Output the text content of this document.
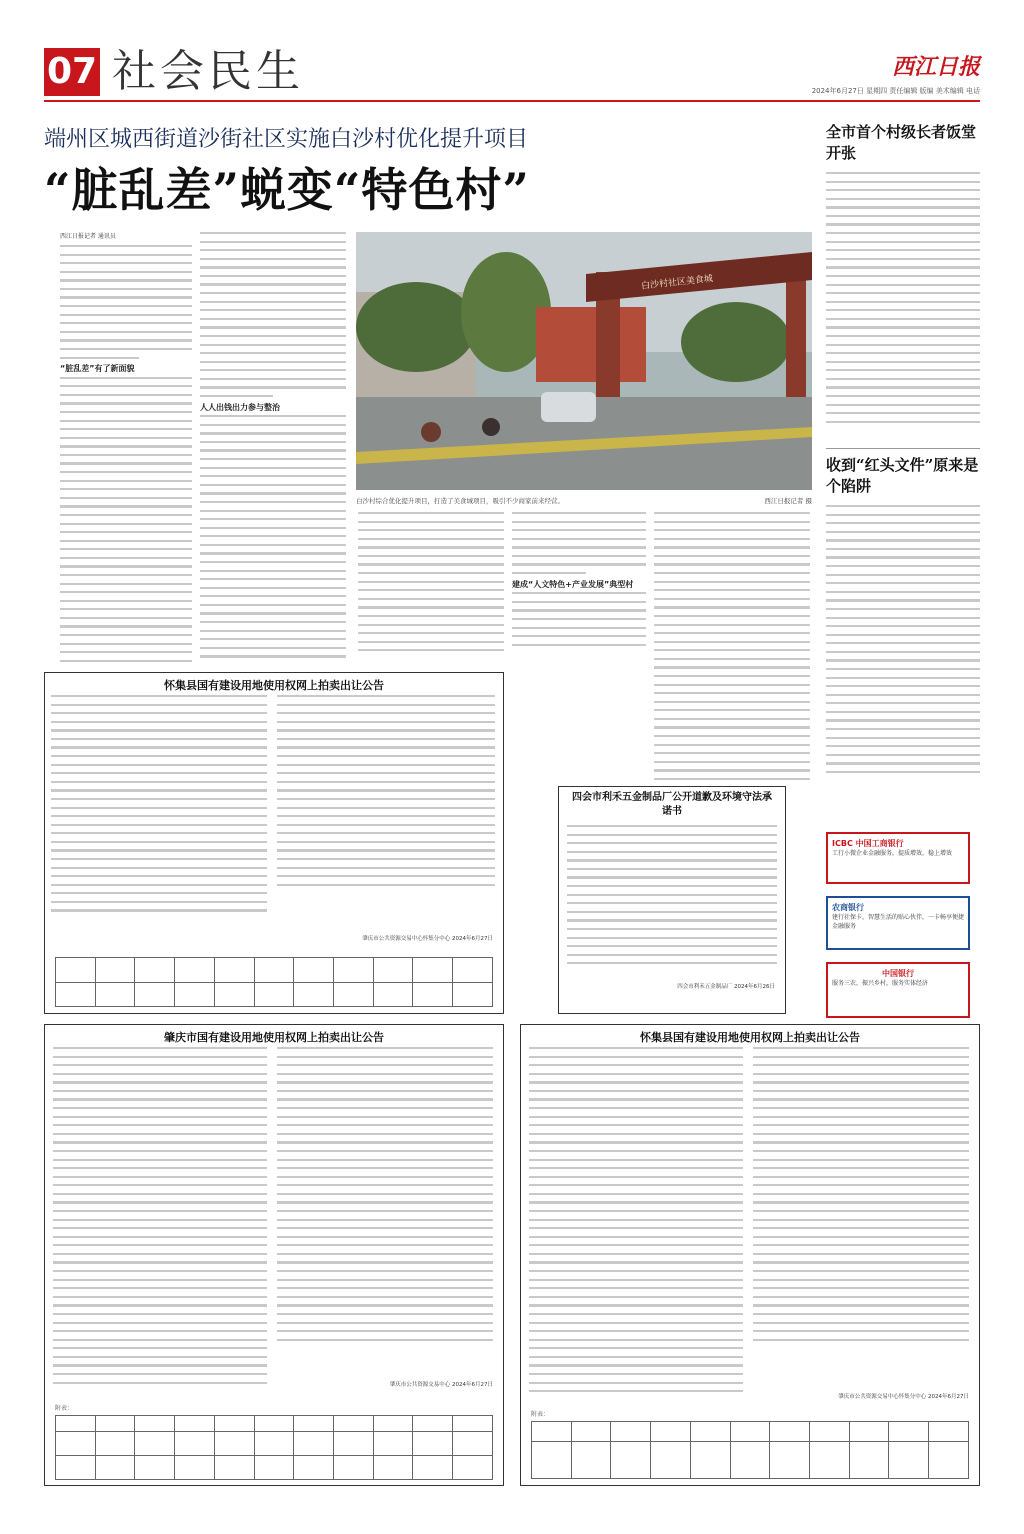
07 社会民生	西江日报
2024年6月27日 星期四 责任编辑 版编 美术编辑 电话
端州区城西街道沙街社区实施白沙村优化提升项目
“脏乱差”蜕变“特色村”
白沙村社区美食城
白沙村综合优化提升项目，打造了美食城项目，吸引不少商家前来经营。	西江日报记者 摄
西江日报记者 通讯员
“脏乱差”有了新面貌
人人出钱出力参与整治
建成“人文特色+产业发展”典型村
全市首个村级长者饭堂开张
收到“红头文件”原来是个陷阱
ICBC 中国工商银行
工行小微企业金融服务，提质增效，稳上增效
农商银行
建行社保卡，智慧生活的贴心伙伴，一卡畅享便捷金融服务
中国银行
服务三农，振兴乡村，服务实体经济
怀集县国有建设用地使用权网上拍卖出让公告
肇庆市公共资源交易中心怀集分中心 2024年6月27日

四会市利禾五金制品厂公开道歉及环境守法承诺书
四会市利禾五金制品厂 2024年6月26日
肇庆市国有建设用地使用权网上拍卖出让公告
肇庆市公共资源交易中心 2024年6月27日
附表：

怀集县国有建设用地使用权网上拍卖出让公告
肇庆市公共资源交易中心怀集分中心 2024年6月27日
附表：
